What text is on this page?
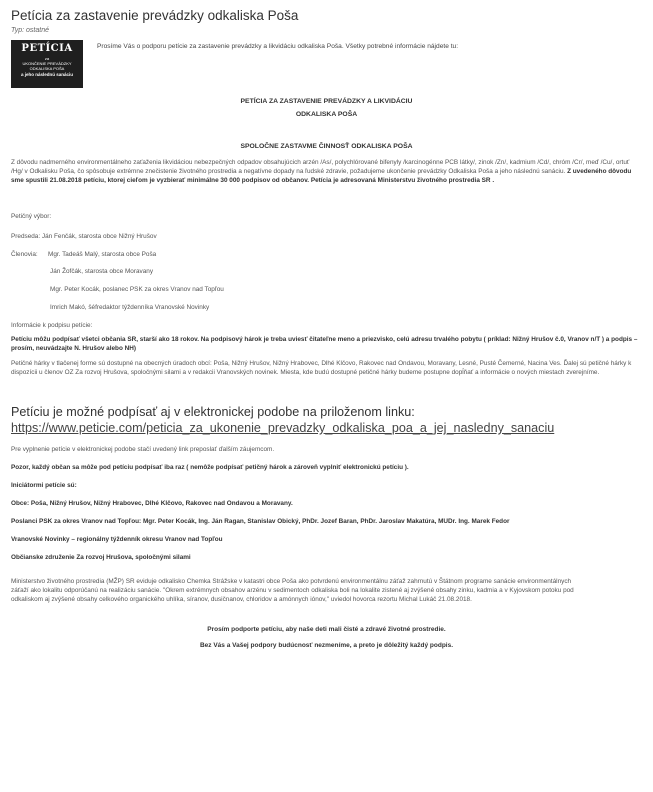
Petícia za zastavenie prevádzky odkaliska Poša
Typ: ostatné
PETÍCIA
za
UKONČENIE PREVÁDZKY
ODKALISKA POŠA
a jeho následnú sanáciu
Prosíme Vás o podporu petície za zastavenie prevádzky a likvidáciu odkaliska Poša. Všetky potrebné informácie nájdete tu:
PETÍCIA ZA ZASTAVENIE PREVÁDZKY A LIKVIDÁCIU
ODKALISKA POŠA
SPOLOČNE ZASTAVME ČINNOSŤ ODKALISKA POŠA
Z dôvodu nadmerného environmentálneho zaťaženia likvidáciou nebezpečných odpadov obsahujúcich arzén /As/, polychlórované bifenyly /karcinogénne PCB látky/, zinok /Zn/, kadmium /Cd/, chróm /Cr/, meď /Cu/, ortuť /Hg/ v Odkalisku Poša, čo spôsobuje extrémne znečistenie životného prostredia a negatívne dopady na ľudské zdravie, požadujeme ukončenie prevádzky Odkaliska Poša a jeho následnú sanáciu. Z uvedeného dôvodu sme spustili 21.08.2018 petíciu, ktorej cieľom je vyzbierať minimálne 30 000 podpisov od občanov. Petícia je adresovaná Ministerstvu životného prostredia SR .
Petičný výbor:
Predseda: Ján Fenčák, starosta obce Nižný Hrušov
Členovia:	Mgr. Tadeáš Malý, starosta obce Poša
Ján Žofčák, starosta obce Moravany
Mgr. Peter Kocák, poslanec PSK za okres Vranov nad Topľou
Imrich Makó, šéfredaktor týždenníka Vranovské Novinky
Informácie k podpisu petície:
Petíciu môžu podpísať všetci občania SR, starší ako 18 rokov. Na podpisový hárok je treba uviesť čitateľne meno a priezvisko, celú adresu trvalého pobytu ( príklad: Nižný Hrušov č.0, Vranov n/T ) a podpis – prosím, neuvádzajte N. Hrušov alebo NH)
Petičné hárky v tlačenej forme sú dostupné na obecných úradoch obcí: Poša, Nižný Hrušov, Nižný Hrabovec, Dlhé Klčovo, Rakovec nad Ondavou, Moravany, Lesné, Pusté Čemerné, Nacina Ves. Ďalej sú petičné hárky k dispozícii u členov OZ Za rozvoj Hrušova, spoločnými silami a v redakcii Vranovských novinek. Miesta, kde budú dostupné petičné hárky budeme postupne dopĺňať a informácie o nových miestach zverejníme.
Petíciu je možné podpísať aj v elektronickej podobe na priloženom linku: https://www.peticie.com/peticia_za_ukonenie_prevadzky_odkaliska_poa_a_jej_nasledny_sanaciu
Pre vyplnenie petície v elektronickej podobe stačí uvedený link preposlať ďalším záujemcom.
Pozor, každý občan sa môže pod petíciu podpísať iba raz ( nemôže podpísať petičný hárok a zároveň vyplniť elektronickú petíciu ).
Iniciátormi petície sú:
Obce: Poša, Nižný Hrušov, Nižný Hrabovec, Dlhé Klčovo, Rakovec nad Ondavou a Moravany.
Poslanci PSK za okres Vranov nad Topľou: Mgr. Peter Kocák, Ing. Ján Ragan, Stanislav Obický, PhDr. Jozef Baran, PhDr. Jaroslav Makatúra, MUDr. Ing. Marek Fedor
Vranovské Novinky – regionálny týždenník okresu Vranov nad Topľou
Občianske združenie Za rozvoj Hrušova, spoločnými silami
Ministerstvo životného prostredia (MŽP) SR eviduje odkalisko Chemka Strážske v katastri obce Poša ako potvrdenú environmentálnu záťaž zahrnutú v Štátnom programe sanácie environmentálnych záťaží ako lokalitu odporúčanú na realizáciu sanácie. "Okrem extrémnych obsahov arzénu v sedimentoch odkaliska boli na lokalite zistené aj zvýšené obsahy zinku, kadmia a v Kyjovskom potoku pod odkaliskom aj zvýšené obsahy celkového organického uhlíka, síranov, dusičnanov, chloridov a amónnych iónov," uviedol hovorca rezortu Michal Lukáč 21.08.2018.
Prosím podporte petíciu, aby naše deti mali čisté a zdravé životné prostredie.
Bez Vás a Vašej podpory budúcnosť nezmeníme, a preto je dôležitý každý podpis.
